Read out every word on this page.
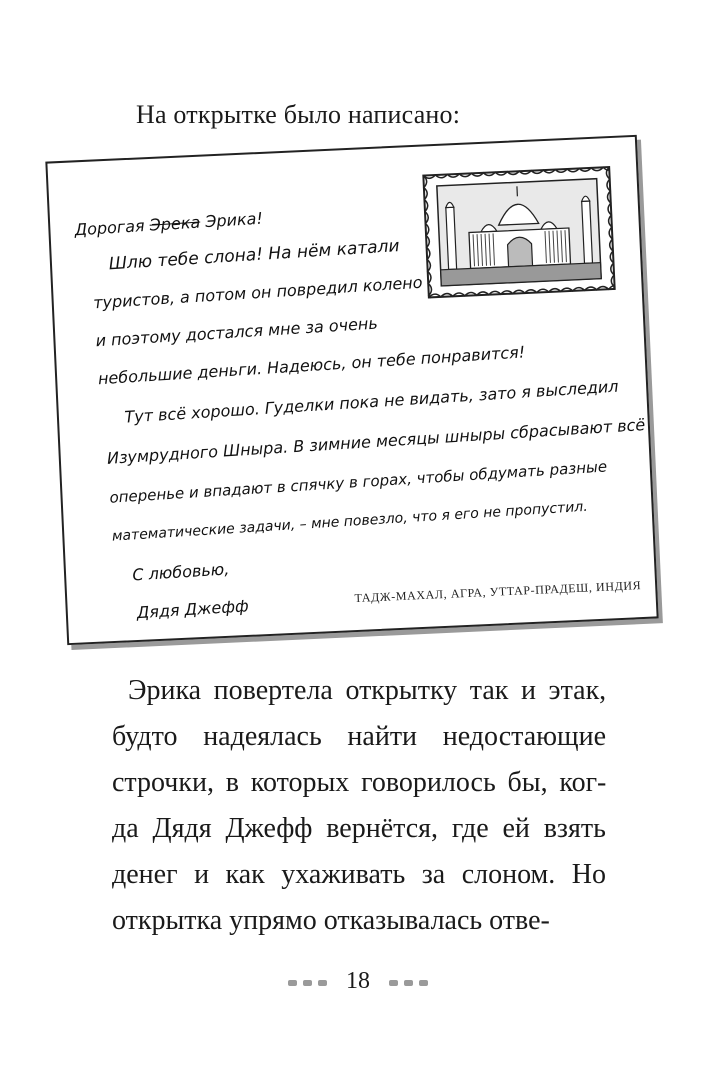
На открытке было написано:
Дорогая Эрека Эрика!
Шлю тебе слона! На нём катали
туристов, а потом он повредил колено
и поэтому достался мне за очень
небольшие деньги. Надеюсь, он тебе понравится!
Тут всё хорошо. Гуделки пока не видать, зато я выследил
Изумрудного Шныра. В зимние месяцы шныры сбрасывают всё
оперенье и впадают в спячку в горах, чтобы обдумать разные
математические задачи, – мне повезло, что я его не пропустил.
С любовью,
Дядя Джефф
ТАДЖ-МАХАЛ, АГРА, УТТАР-ПРАДЕШ, ИНДИЯ
Эрика повертела открытку так и этак,
будто надеялась найти недостающие
строчки, в которых говорилось бы, ког-
да Дядя Джефф вернётся, где ей взять
денег и как ухаживать за слоном. Но
открытка упрямо отказывалась отве-
18
